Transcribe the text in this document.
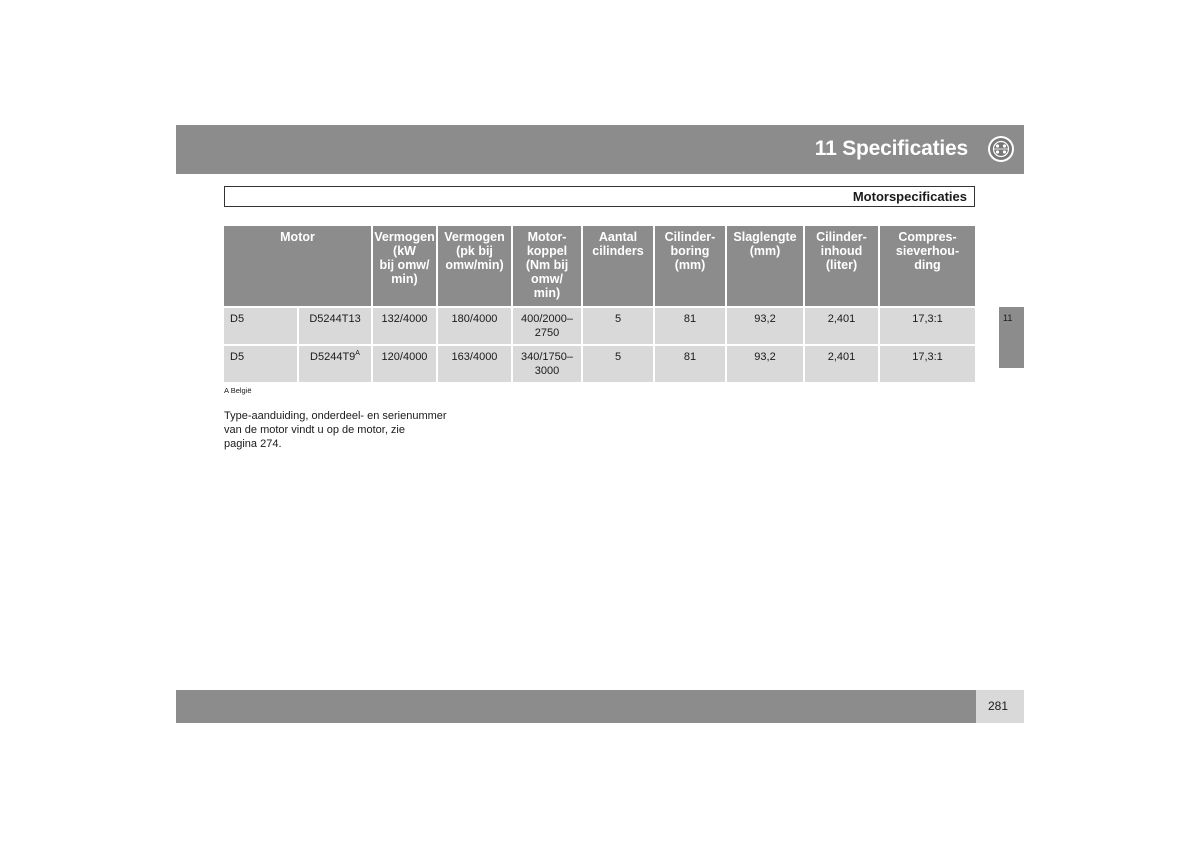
11 Specificaties
Motorspecificaties
Motor		Vermogen
(kW
bij omw/
min)	Vermogen
(pk bij
omw/min)	Motor-
koppel
(Nm bij
omw/
min)	Aantal
cilinders	Cilinder-
boring
(mm)	Slaglengte
(mm)	Cilinder-
inhoud
(liter)	Compres-
sieverhou-
ding
D5	D5244T13	132/4000	180/4000	400/2000–
2750	5	81	93,2	2,401	17,3:1
D5	$D5244T9^A$	120/4000	163/4000	340/1750–
3000	5	81	93,2	2,401	17,3:1
A België
Type-aanduiding, onderdeel- en serienummer
van de motor vindt u op de motor, zie
pagina 274.
11
281
